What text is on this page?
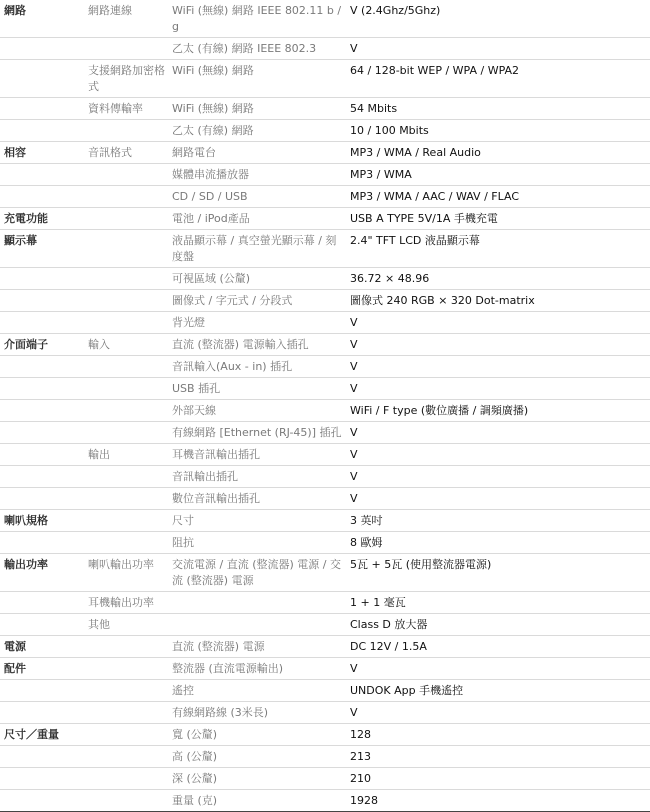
網路	網路連線	WiFi (無線) 網路 IEEE 802.11 b / g	V (2.4Ghz/5Ghz)
		乙太 (有線) 網路 IEEE 802.3	V
	支援網路加密格式	WiFi (無線) 網路	64 / 128-bit WEP / WPA / WPA2
	資料傳輸率	WiFi (無線) 網路	54 Mbits
		乙太 (有線) 網路	10 / 100 Mbits
相容	音訊格式	網路電台	MP3 / WMA / Real Audio
		媒體串流播放器	MP3 / WMA
		CD / SD / USB	MP3 / WMA / AAC / WAV / FLAC
充電功能		電池 / iPod產品	USB A TYPE 5V/1A 手機充電
顯示幕		液晶顯示幕 / 真空螢光顯示幕 / 刻度盤	2.4" TFT LCD 液晶顯示幕
		可視區域 (公釐)	36.72 × 48.96
		圖像式 / 字元式 / 分段式	圖像式 240 RGB × 320 Dot-matrix
		背光燈	V
介面端子	輸入	直流 (整流器) 電源輸入插孔	V
		音訊輸入(Aux - in) 插孔	V
		USB 插孔	V
		外部天線	WiFi / F type (數位廣播 / 調頻廣播)
		有線網路 [Ethernet (RJ-45)] 插孔	V
	輸出	耳機音訊輸出插孔	V
		音訊輸出插孔	V
		數位音訊輸出插孔	V
喇叭規格		尺寸	3 英吋
		阻抗	8 歐姆
輸出功率	喇叭輸出功率	交流電源 / 直流 (整流器) 電源 / 交流 (整流器) 電源	5瓦 + 5瓦 (使用整流器電源)
	耳機輸出功率		1 + 1 毫瓦
	其他		Class D 放大器
電源		直流 (整流器) 電源	DC 12V / 1.5A
配件		整流器 (直流電源輸出)	V
		遙控	UNDOK App 手機遙控
		有線網路線 (3米長)	V
尺寸／重量		寬 (公釐)	128
		高 (公釐)	213
		深 (公釐)	210
		重量 (克)	1928
